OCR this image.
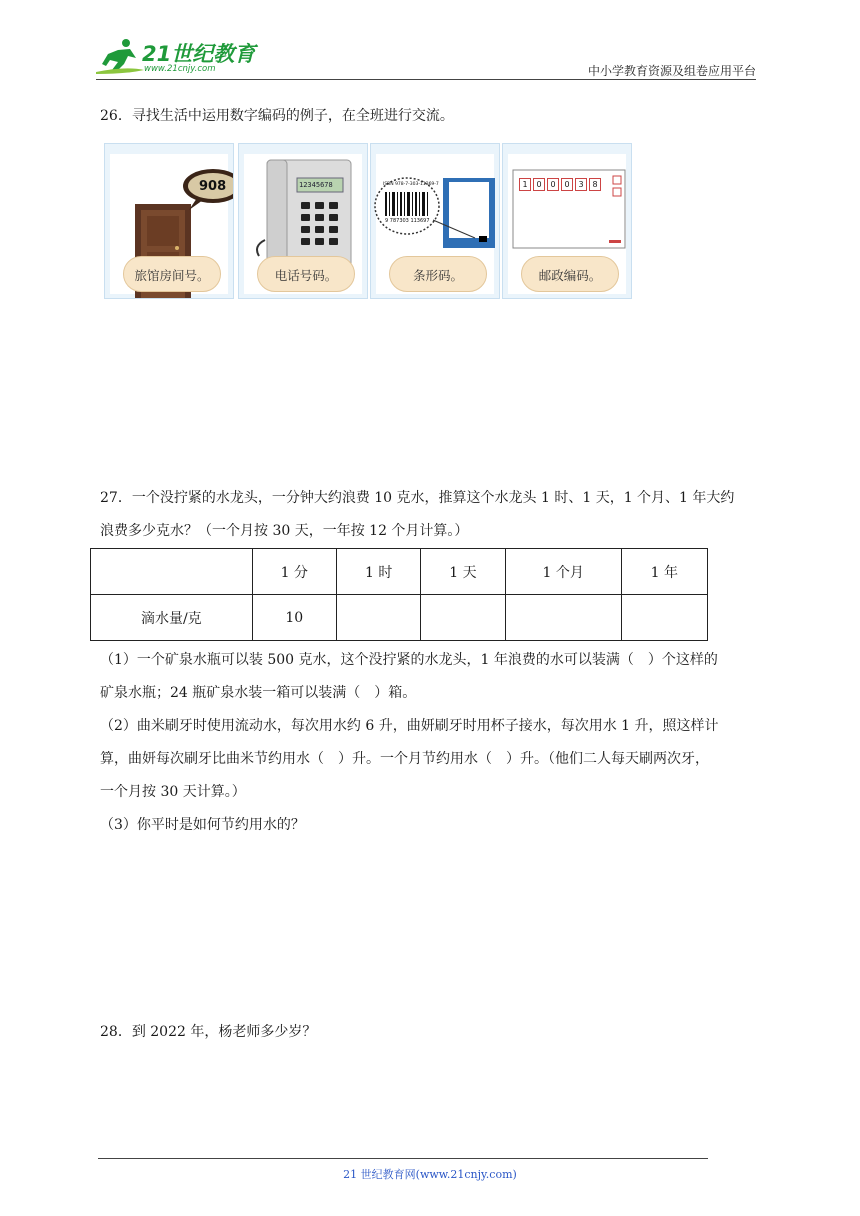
21世纪教育
www.21cnjy.com	中小学教育资源及组卷应用平台
26．寻找生活中运用数字编码的例子，在全班进行交流。
908
旅馆房间号。
12345678
电话号码。
ISBN 978-7-303-11369-7
9 787303 113697
条形码。
1	0	0	0	3	8
邮政编码。
27．一个没拧紧的水龙头，一分钟大约浪费 10 克水，推算这个水龙头 1 时、1 天，1 个月、1 年大约
浪费多少克水？（一个月按 30 天，一年按 12 个月计算。）
	1 分	1 时	1 天	1 个月	1 年
滴水量/克	10				
（1）一个矿泉水瓶可以装 500 克水，这个没拧紧的水龙头，1 年浪费的水可以装满（　）个这样的
矿泉水瓶；24 瓶矿泉水装一箱可以装满（　）箱。
（2）曲米刷牙时使用流动水，每次用水约 6 升，曲妍刷牙时用杯子接水，每次用水 1 升，照这样计
算，曲妍每次刷牙比曲米节约用水（　）升。一个月节约用水（　）升。（他们二人每天刷两次牙，
一个月按 30 天计算。）
（3）你平时是如何节约用水的？
28．到 2022 年，杨老师多少岁？
21 世纪教育网(www.21cnjy.com)
